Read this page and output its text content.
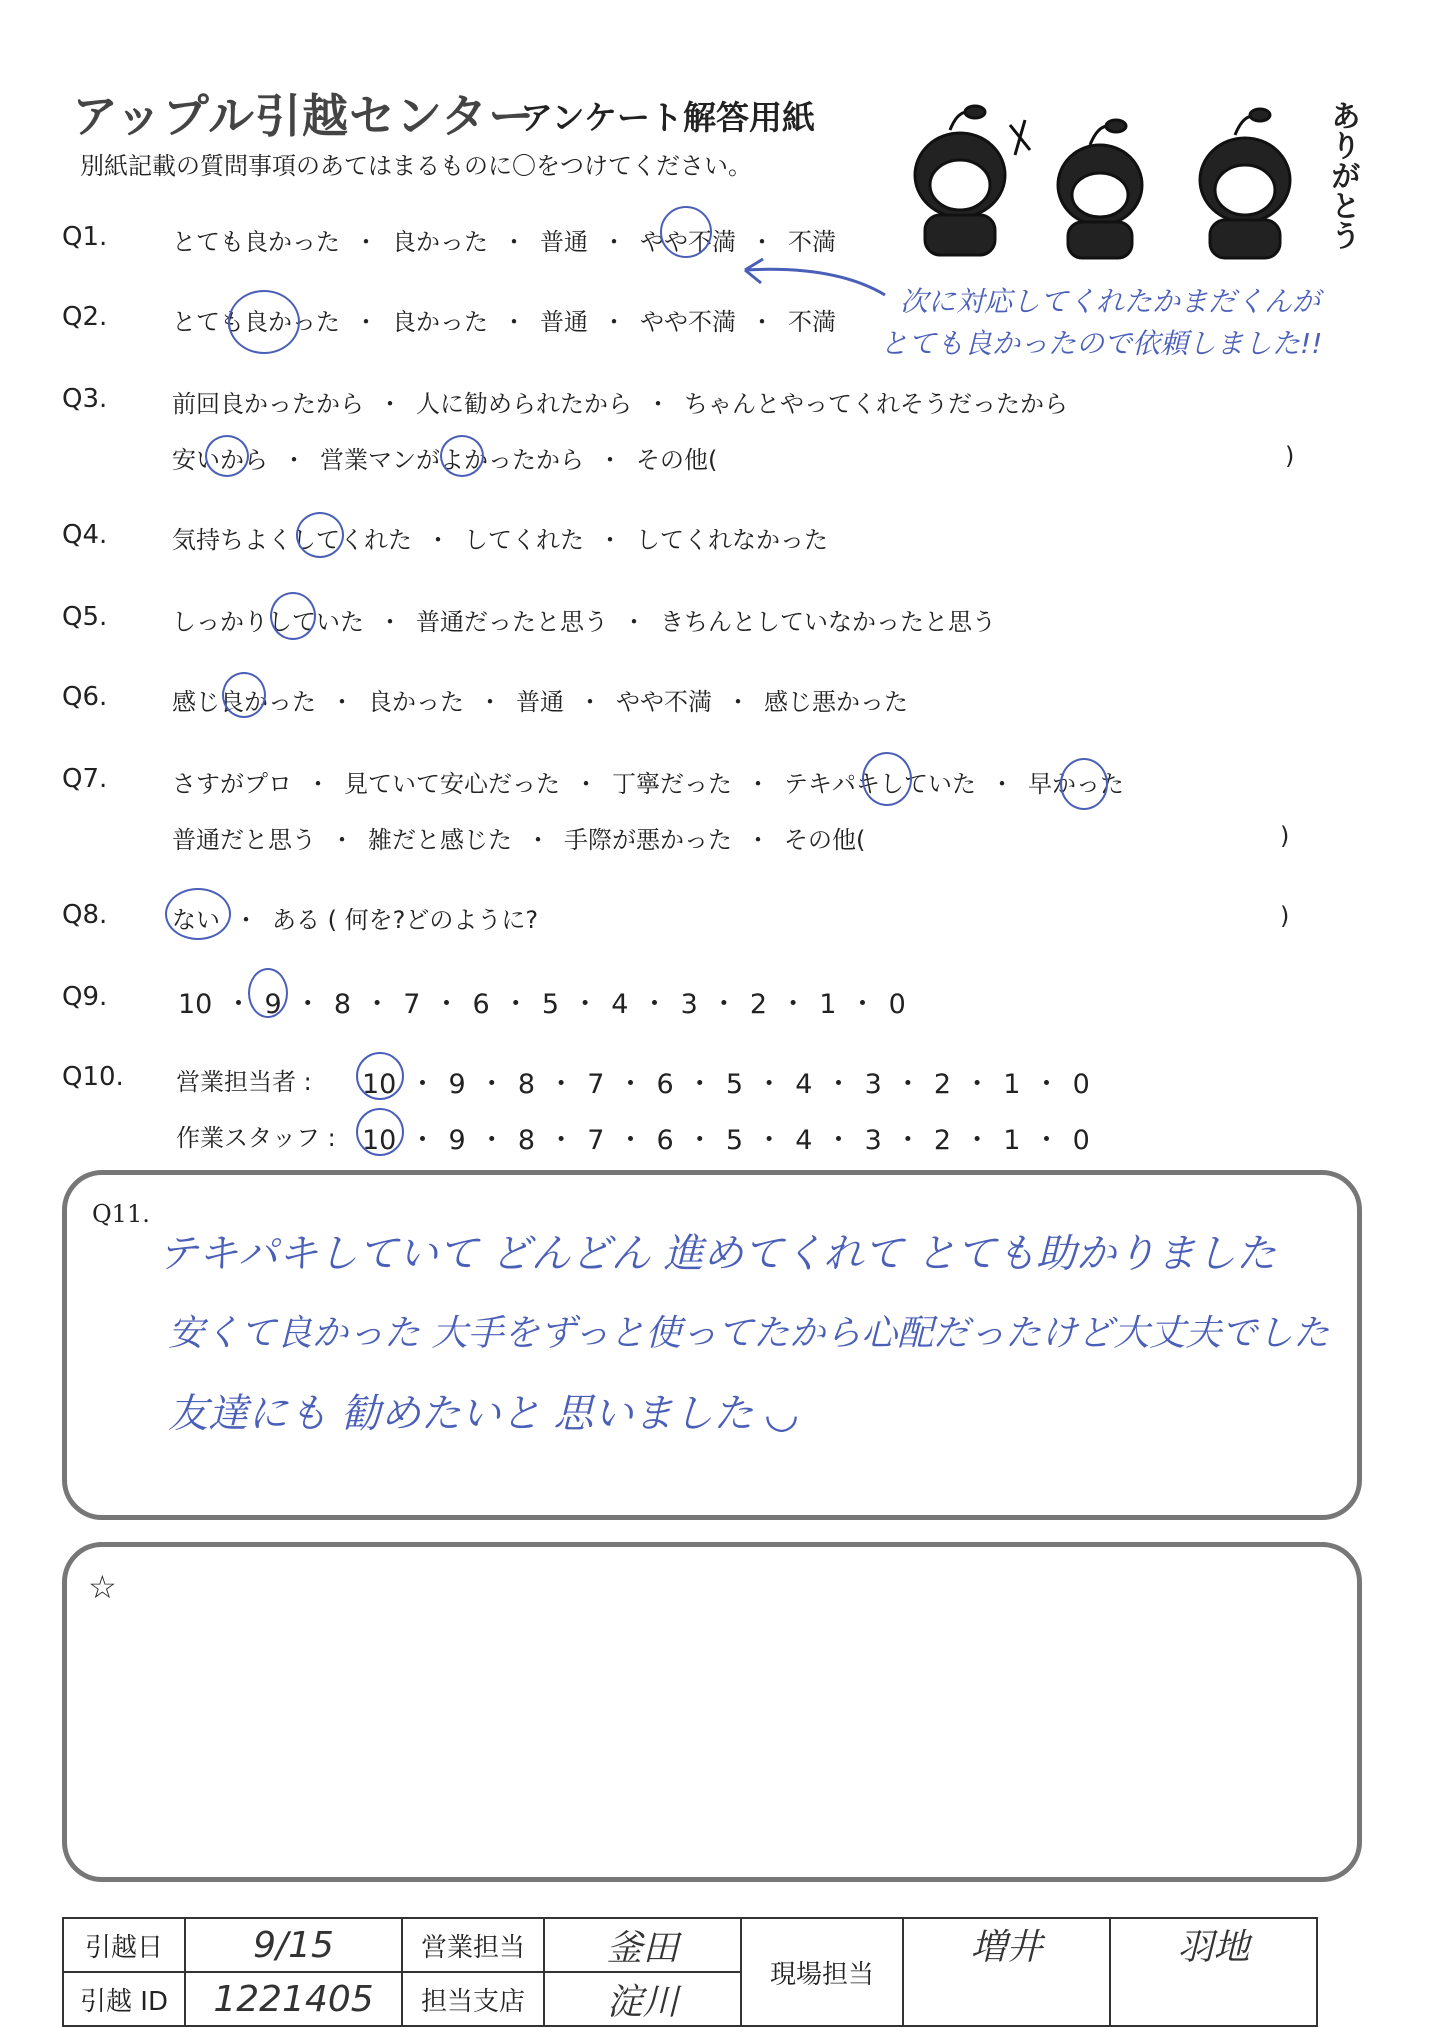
アップル引越センター
アンケート解答用紙
別紙記載の質問事項のあてはまるものに〇をつけてください。	ありがとう
Q1.	とても良かった ・ 良かった ・ 普通 ・ やや不満 ・ 不満
Q2.	とても良かった ・ 良かった ・ 普通 ・ やや不満 ・ 不満
次に対応してくれたかまだくんが
とても良かったので依頼しました!!
Q3.	前回良かったから ・ 人に勧められたから ・ ちゃんとやってくれそうだったから
安いから ・ 営業マンがよかったから ・ その他(	)
Q4.	気持ちよくしてくれた ・ してくれた ・ してくれなかった
Q5.	しっかりしていた ・ 普通だったと思う ・ きちんとしていなかったと思う
Q6.	感じ良かった ・ 良かった ・ 普通 ・ やや不満 ・ 感じ悪かった
Q7.	さすがプロ ・ 見ていて安心だった ・ 丁寧だった ・ テキパキしていた ・ 早かった
普通だと思う ・ 雑だと感じた ・ 手際が悪かった ・ その他(	)
Q8.	ない ・ ある ( 何を?どのように?	)
Q9.	10 ・ 9 ・ 8 ・ 7 ・ 6 ・ 5 ・ 4 ・ 3 ・ 2 ・ 1 ・ 0
Q10. 営業担当者 : 10 ・ 9 ・ 8 ・ 7 ・ 6 ・ 5 ・ 4 ・ 3 ・ 2 ・ 1 ・ 0
作業スタッフ : 10 ・ 9 ・ 8 ・ 7 ・ 6 ・ 5 ・ 4 ・ 3 ・ 2 ・ 1 ・ 0
Q11.
テキパキしていて どんどん 進めてくれて とても助かりました
安くて良かった 大手をずっと使ってたから心配だったけど大丈夫でした
友達にも 勧めたいと 思いました ◡
☆
引越日	9/15	営業担当	釜田	現場担当	増井	羽地
引越 ID	1221405	担当支店	淀川			
